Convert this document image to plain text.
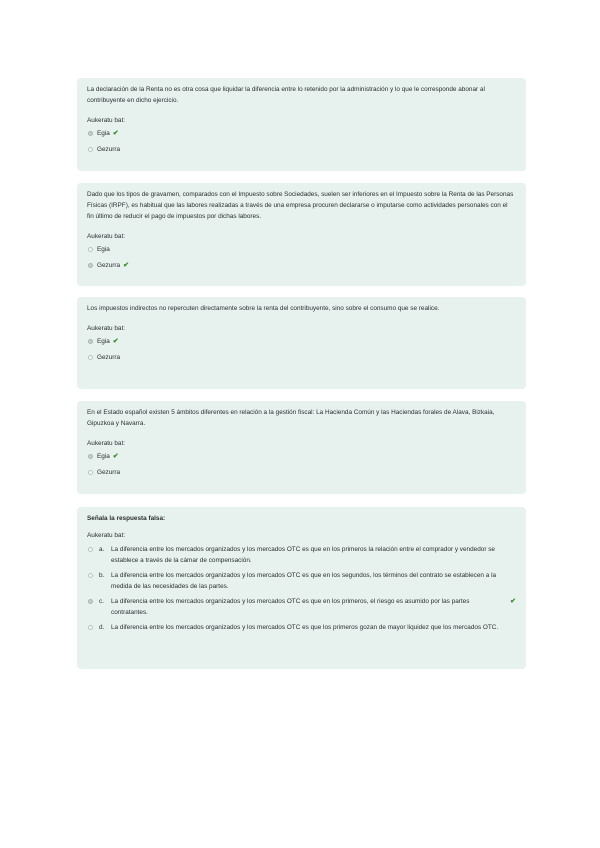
La declaración de la Renta no es otra cosa que liquidar la diferencia entre lo retenido por la administración y lo que le corresponde abonar al contribuyente en dicho ejercicio.

Aukeratu bat:

Egia ✔
Gezurra

Dado que los tipos de gravamen, comparados con el Impuesto sobre Sociedades, suelen ser inferiores en el Impuesto sobre la Renta de las Personas Físicas (IRPF), es habitual que las labores realizadas a través de una empresa procuren declararse o imputarse como actividades personales con el fin último de reducir el pago de impuestos por dichas labores.

Aukeratu bat:

Egia
Gezurra ✔

Los impuestos indirectos no repercuten directamente sobre la renta del contribuyente, sino sobre el consumo que se realice.

Aukeratu bat:

Egia ✔
Gezurra

En el Estado español existen 5 ámbitos diferentes en relación a la gestión fiscal: La Hacienda Común y las Haciendas forales de Alava, Bizkaia, Gipuzkoa y Navarra.

Aukeratu bat:

Egia ✔
Gezurra

Señala la respuesta falsa:

Aukeratu bat:

a.	La diferencia entre los mercados organizados y los mercados OTC es que en los primeros la relación entre el comprador y vendedor se establece a través de la cámar de compensación.
b.	La diferencia entre los mercados organizados y los mercados OTC es que en los segundos, los términos del contrato se establecen a la medida de las necesidades de las partes.
c.	La diferencia entre los mercados organizados y los mercados OTC es que en los primeros, el riesgo es asumido por las partes contratantes.
✔
d.	La diferencia entre los mercados organizados y los mercados OTC es que los primeros gozan de mayor liquidez que los mercados OTC.
